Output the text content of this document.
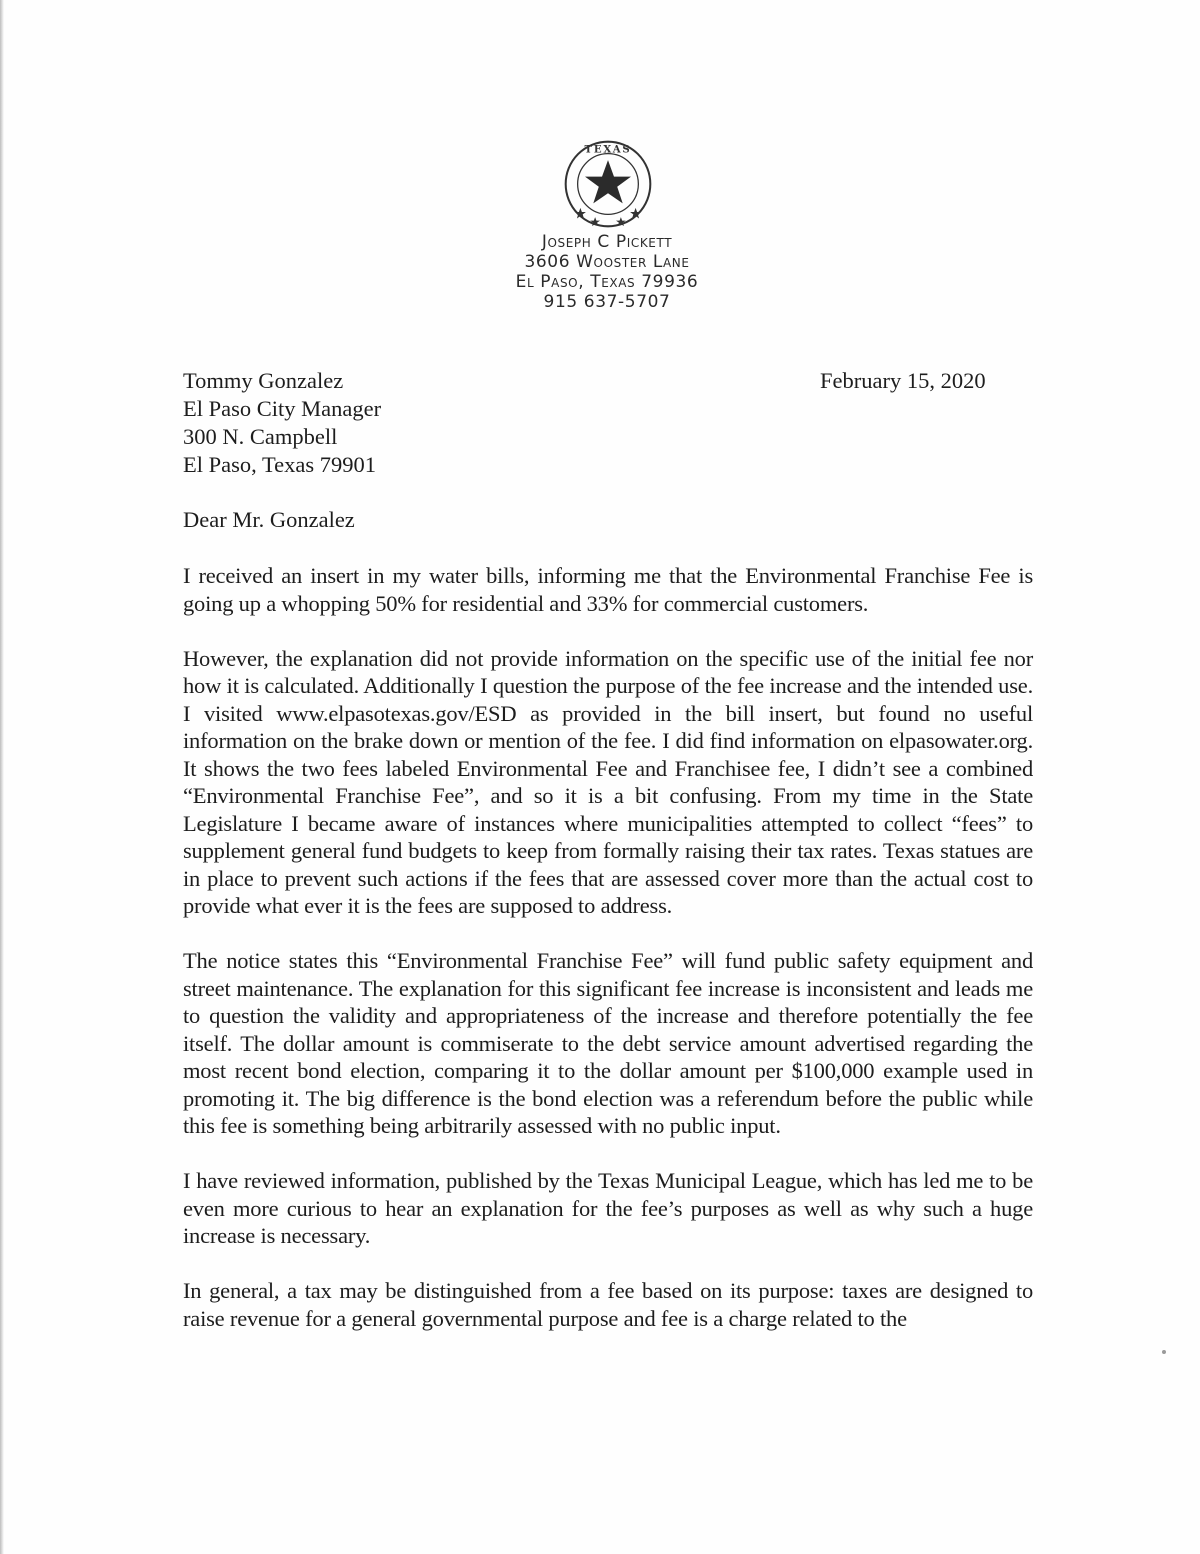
TEXAS
Joseph C Pickett
3606 Wooster Lane
El Paso, Texas 79936
915 637-5707
Tommy Gonzalez
El Paso City Manager
300 N. Campbell
El Paso, Texas 79901
February 15, 2020
Dear Mr. Gonzalez

I received an insert in my water bills, informing me that the Environmental Franchise Fee is going up a whopping 50% for residential and 33% for commercial customers.

However, the explanation did not provide information on the specific use of the initial fee nor how it is calculated. Additionally I question the purpose of the fee increase and the intended use. I visited www.elpasotexas.gov/ESD as provided in the bill insert, but found no useful information on the brake down or mention of the fee. I did find information on elpasowater.org. It shows the two fees labeled Environmental Fee and Franchisee fee, I didn’t see a combined “Environmental Franchise Fee”, and so it is a bit confusing. From my time in the State Legislature I became aware of instances where municipalities attempted to collect “fees” to supplement general fund budgets to keep from formally raising their tax rates. Texas statues are in place to prevent such actions if the fees that are assessed cover more than the actual cost to provide what ever it is the fees are supposed to address.

The notice states this “Environmental Franchise Fee” will fund public safety equipment and street maintenance. The explanation for this significant fee increase is inconsistent and leads me to question the validity and appropriateness of the increase and therefore potentially the fee itself. The dollar amount is commiserate to the debt service amount advertised regarding the most recent bond election, comparing it to the dollar amount per $100,000 example used in promoting it. The big difference is the bond election was a referendum before the public while this fee is something being arbitrarily assessed with no public input.

I have reviewed information, published by the Texas Municipal League, which has led me to be even more curious to hear an explanation for the fee’s purposes as well as why such a huge increase is necessary.

In general, a tax may be distinguished from a fee based on its purpose: taxes are designed to raise revenue for a general governmental purpose and fee is a charge related to the
